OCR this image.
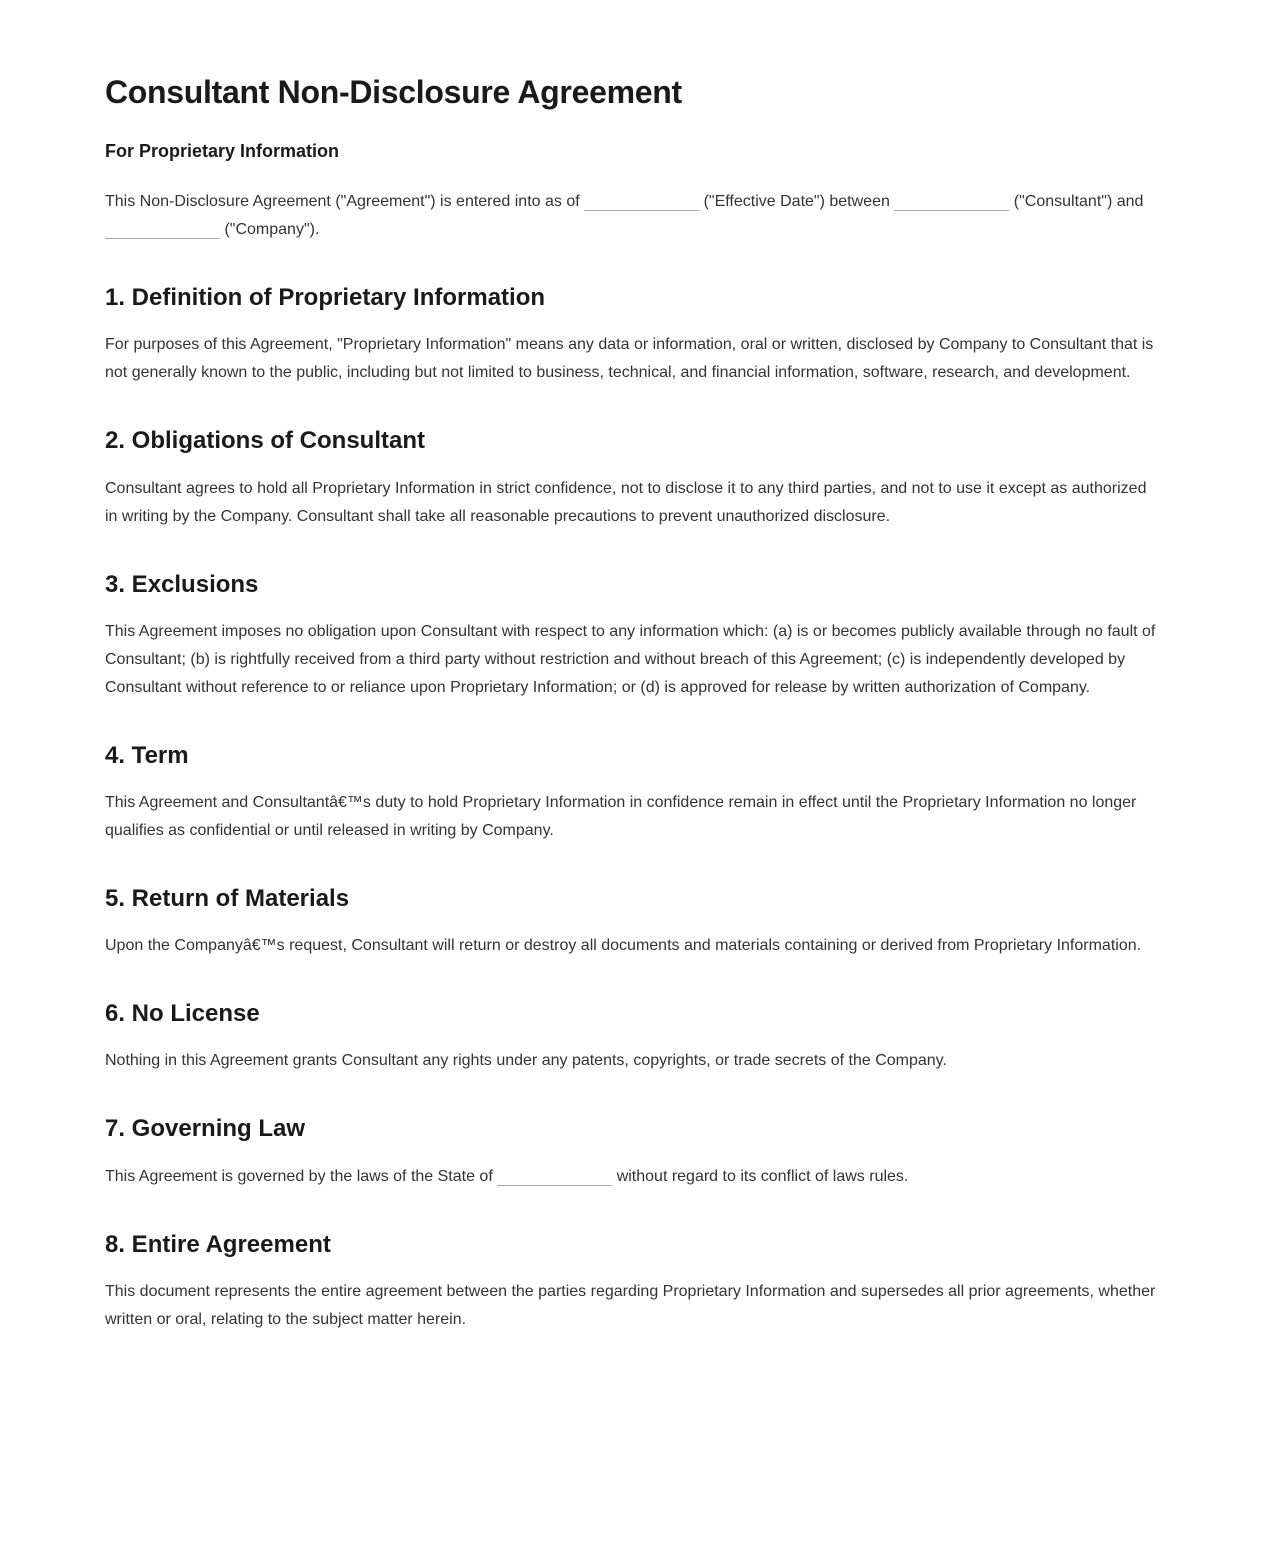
Consultant Non-Disclosure Agreement

For Proprietary Information

This Non-Disclosure Agreement ("Agreement") is entered into as of	("Effective Date") between	("Consultant") and  ("Company").

1. Definition of Proprietary Information

For purposes of this Agreement, "Proprietary Information" means any data or information, oral or written, disclosed by Company to Consultant that is not generally known to the public, including but not limited to business, technical, and financial information, software, research, and development.

2. Obligations of Consultant

Consultant agrees to hold all Proprietary Information in strict confidence, not to disclose it to any third parties, and not to use it except as authorized in writing by the Company. Consultant shall take all reasonable precautions to prevent unauthorized disclosure.

3. Exclusions

This Agreement imposes no obligation upon Consultant with respect to any information which: (a) is or becomes publicly available through no fault of Consultant; (b) is rightfully received from a third party without restriction and without breach of this Agreement; (c) is independently developed by Consultant without reference to or reliance upon Proprietary Information; or (d) is approved for release by written authorization of Company.

4. Term

This Agreement and Consultantâ€™s duty to hold Proprietary Information in confidence remain in effect until the Proprietary Information no longer qualifies as confidential or until released in writing by Company.

5. Return of Materials

Upon the Companyâ€™s request, Consultant will return or destroy all documents and materials containing or derived from Proprietary Information.

6. No License

Nothing in this Agreement grants Consultant any rights under any patents, copyrights, or trade secrets of the Company.

7. Governing Law

This Agreement is governed by the laws of the State of	without regard to its conflict of laws rules.

8. Entire Agreement

This document represents the entire agreement between the parties regarding Proprietary Information and supersedes all prior agreements, whether written or oral, relating to the subject matter herein.
